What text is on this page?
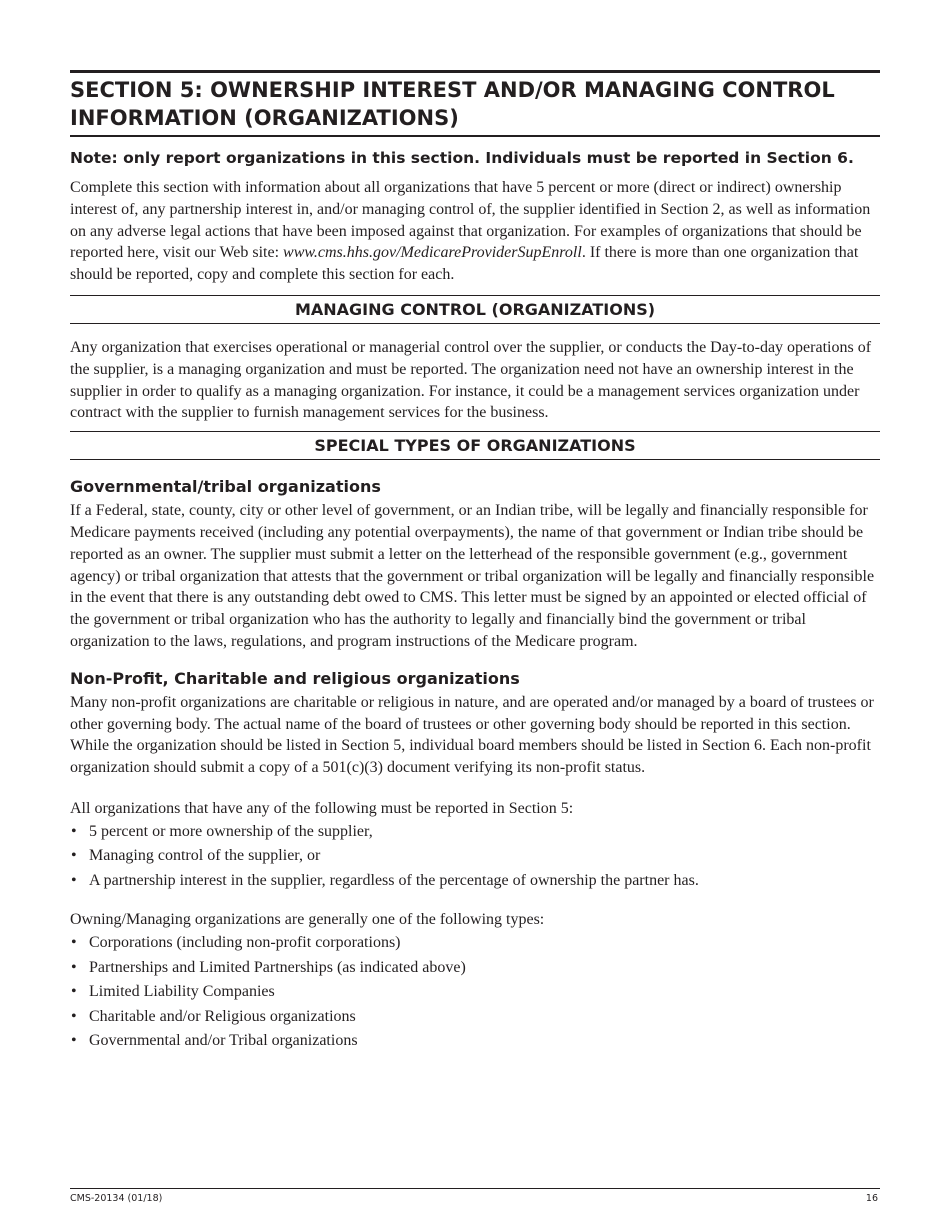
SECTION 5: OWNERSHIP INTEREST AND/OR MANAGING CONTROL INFORMATION (ORGANIZATIONS)
Note: only report organizations in this section. Individuals must be reported in Section 6.

Complete this section with information about all organizations that have 5 percent or more (direct or indirect) ownership interest of, any partnership interest in, and/or managing control of, the supplier identified in Section 2, as well as information on any adverse legal actions that have been imposed against that organization. For examples of organizations that should be reported here, visit our Web site: www.cms.hhs.gov/MedicareProviderSupEnroll. If there is more than one organization that should be reported, copy and complete this section for each.

MANAGING CONTROL (ORGANIZATIONS)

Any organization that exercises operational or managerial control over the supplier, or conducts the Day-to-day operations of the supplier, is a managing organization and must be reported. The organization need not have an ownership interest in the supplier in order to qualify as a managing organization. For instance, it could be a management services organization under contract with the supplier to furnish management services for the business.

SPECIAL TYPES OF ORGANIZATIONS
Governmental/tribal organizations

If a Federal, state, county, city or other level of government, or an Indian tribe, will be legally and financially responsible for Medicare payments received (including any potential overpayments), the name of that government or Indian tribe should be reported as an owner. The supplier must submit a letter on the letterhead of the responsible government (e.g., government agency) or tribal organization that attests that the government or tribal organization will be legally and financially responsible in the event that there is any outstanding debt owed to CMS. This letter must be signed by an appointed or elected official of the government or tribal organization who has the authority to legally and financially bind the government or tribal organization to the laws, regulations, and program instructions of the Medicare program.

Non-Profit, Charitable and religious organizations

Many non-profit organizations are charitable or religious in nature, and are operated and/or managed by a board of trustees or other governing body. The actual name of the board of trustees or other governing body should be reported in this section. While the organization should be listed in Section 5, individual board members should be listed in Section 6. Each non-profit organization should submit a copy of a 501(c)(3) document verifying its non-profit status.

All organizations that have any of the following must be reported in Section 5:

• 5 percent or more ownership of the supplier,
• Managing control of the supplier, or
• A partnership interest in the supplier, regardless of the percentage of ownership the partner has.

Owning/Managing organizations are generally one of the following types:

• Corporations (including non-profit corporations)
• Partnerships and Limited Partnerships (as indicated above)
• Limited Liability Companies
• Charitable and/or Religious organizations
• Governmental and/or Tribal organizations
CMS-20134 (01/18)	16
